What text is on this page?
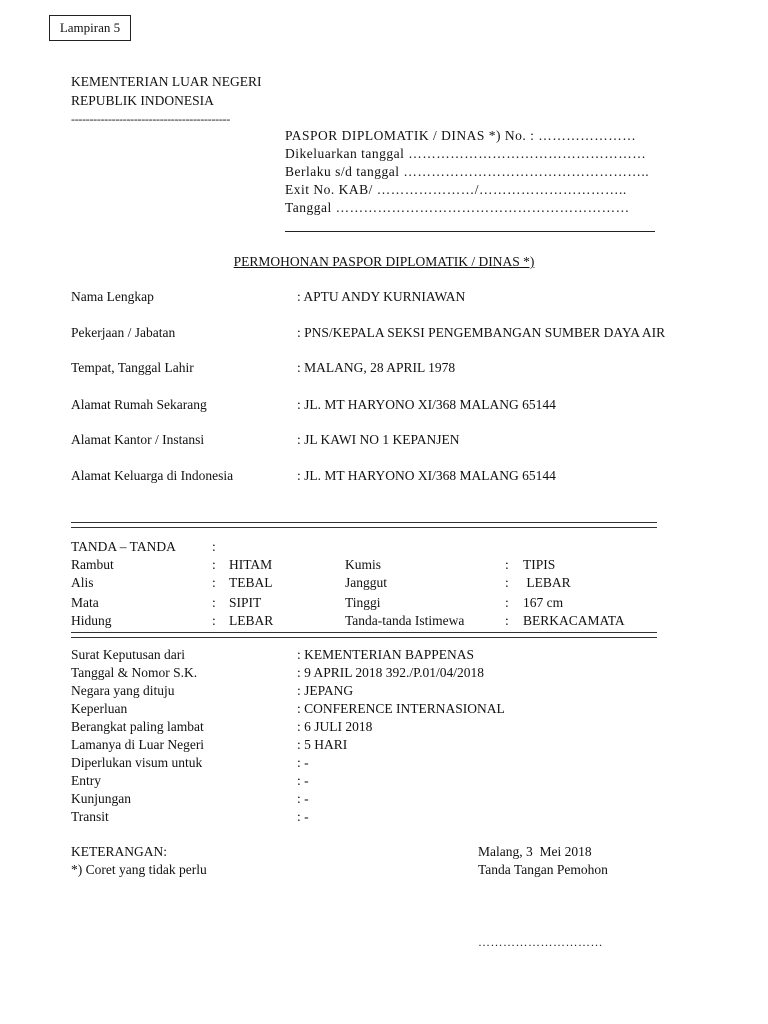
Lampiran 5
KEMENTERIAN LUAR NEGERI
REPUBLIK INDONESIA
-------------------------------------------
PASPOR DIPLOMATIK / DINAS *) No. : …………………
Dikeluarkan tanggal ……………………………………………
Berlaku s/d tanggal ……………………………………………..
Exit No. KAB/ …………………/…………………………..
Tanggal ………………………………………………………
PERMOHONAN PASPOR DIPLOMATIK / DINAS *)
Nama Lengkap	: APTU ANDY KURNIAWAN
Pekerjaan / Jabatan	: PNS/KEPALA SEKSI PENGEMBANGAN SUMBER DAYA AIR
Tempat, Tanggal Lahir	: MALANG, 28 APRIL 1978
Alamat Rumah Sekarang	: JL. MT HARYONO XI/368 MALANG 65144
Alamat Kantor / Instansi	: JL KAWI NO 1 KEPANJEN
Alamat Keluarga di Indonesia	: JL. MT HARYONO XI/368 MALANG 65144
TANDA – TANDA	:
Rambut	: HITAM	Kumis	: TIPIS
Alis	: TEBAL	Janggut	: LEBAR
Mata	: SIPIT	Tinggi	: 167 cm
Hidung	: LEBAR	Tanda-tanda Istimewa	: BERKACAMATA
Surat Keputusan dari	: KEMENTERIAN BAPPENAS
Tanggal & Nomor S.K.	: 9 APRIL 2018 392./P.01/04/2018
Negara yang dituju	: JEPANG
Keperluan	: CONFERENCE INTERNASIONAL
Berangkat paling lambat	: 6 JULI 2018
Lamanya di Luar Negeri	: 5 HARI
Diperlukan visum untuk	: -
Entry	: -
Kunjungan	: -
Transit	: -
KETERANGAN:
*) Coret yang tidak perlu
Malang, 3  Mei 2018
Tanda Tangan Pemohon
…………………………
